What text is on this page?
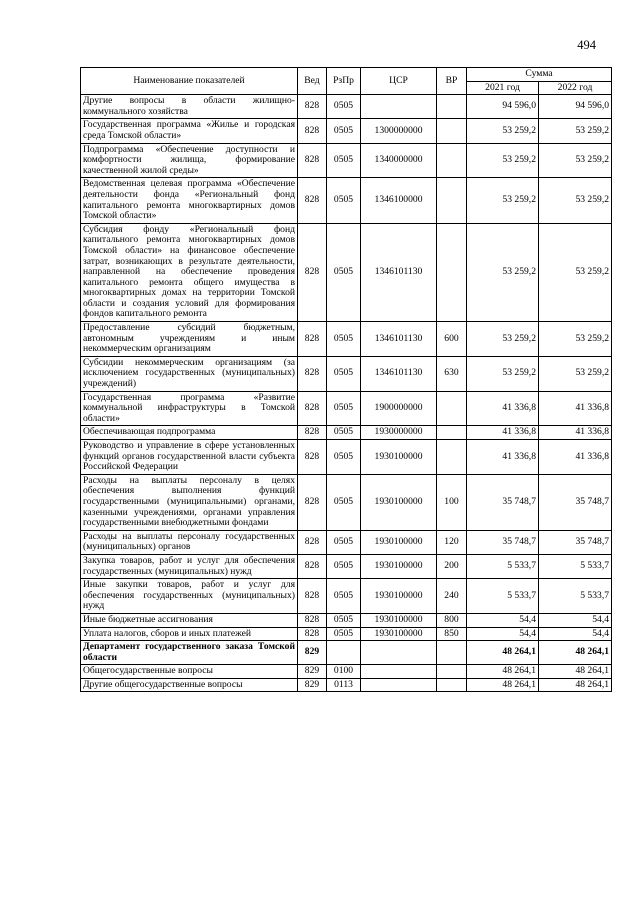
494
Наименование показателей	Вед	РзПр	ЦСР	ВР	Сумма	
					2021 год	2022 год
Другие вопросы в области жилищно-коммунального хозяйства	828	0505			94 596,0	94 596,0
Государственная программа «Жилье и городская среда Томской области»	828	0505	1300000000		53 259,2	53 259,2
Подпрограмма «Обеспечение доступности и комфортности жилища, формирование качественной жилой среды»	828	0505	1340000000		53 259,2	53 259,2
Ведомственная целевая программа «Обеспечение деятельности фонда «Региональный фонд капитального ремонта многоквартирных домов Томской области»	828	0505	1346100000		53 259,2	53 259,2
Субсидия фонду «Региональный фонд капитального ремонта многоквартирных домов Томской области» на финансовое обеспечение затрат, возникающих в результате деятельности, направленной на обеспечение проведения капитального ремонта общего имущества в многоквартирных домах на территории Томской области и создания условий для формирования фондов капитального ремонта	828	0505	1346101130		53 259,2	53 259,2
Предоставление субсидий бюджетным, автономным учреждениям и иным некоммерческим организациям	828	0505	1346101130	600	53 259,2	53 259,2
Субсидии некоммерческим организациям (за исключением государственных (муниципальных) учреждений)	828	0505	1346101130	630	53 259,2	53 259,2
Государственная программа «Развитие коммунальной инфраструктуры в Томской области»	828	0505	1900000000		41 336,8	41 336,8
Обеспечивающая подпрограмма	828	0505	1930000000		41 336,8	41 336,8
Руководство и управление в сфере установленных функций органов государственной власти субъекта Российской Федерации	828	0505	1930100000		41 336,8	41 336,8
Расходы на выплаты персоналу в целях обеспечения выполнения функций государственными (муниципальными) органами, казенными учреждениями, органами управления государственными внебюджетными фондами	828	0505	1930100000	100	35 748,7	35 748,7
Расходы на выплаты персоналу государственных (муниципальных) органов	828	0505	1930100000	120	35 748,7	35 748,7
Закупка товаров, работ и услуг для обеспечения государственных (муниципальных) нужд	828	0505	1930100000	200	5 533,7	5 533,7
Иные закупки товаров, работ и услуг для обеспечения государственных (муниципальных) нужд	828	0505	1930100000	240	5 533,7	5 533,7
Иные бюджетные ассигнования	828	0505	1930100000	800	54,4	54,4
Уплата налогов, сборов и иных платежей	828	0505	1930100000	850	54,4	54,4
Департамент государственного заказа Томской области	829				48 264,1	48 264,1
Общегосударственные вопросы	829	0100			48 264,1	48 264,1
Другие общегосударственные вопросы	829	0113			48 264,1	48 264,1
